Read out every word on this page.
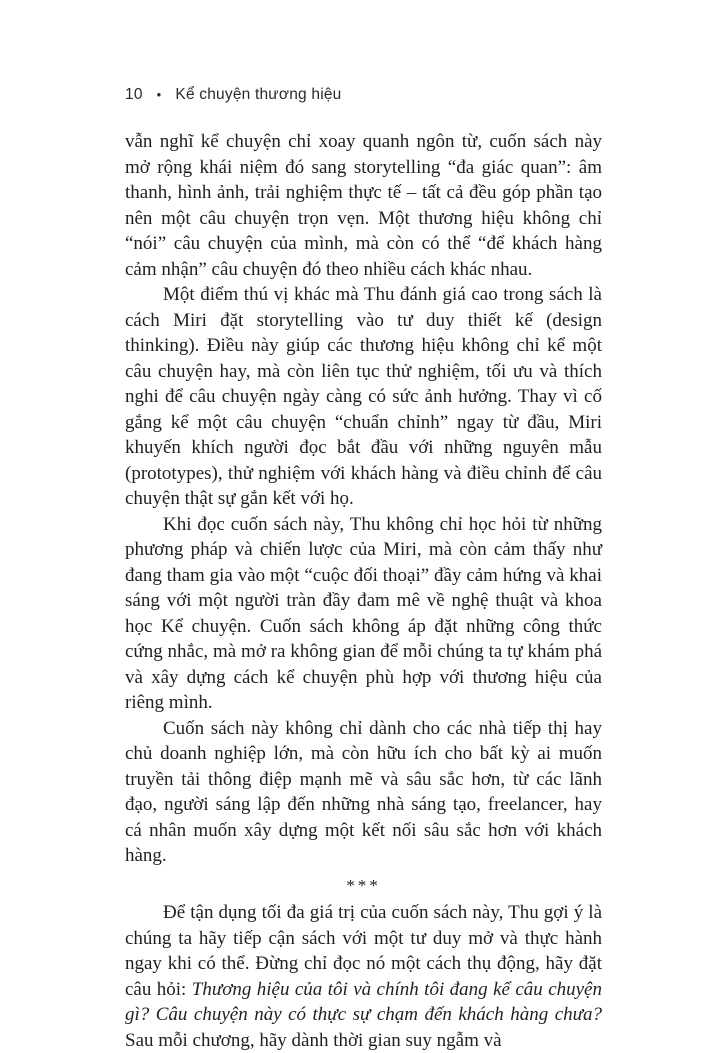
10 • Kể chuyện thương hiệu

vẫn nghĩ kể chuyện chỉ xoay quanh ngôn từ, cuốn sách này mở rộng khái niệm đó sang storytelling “đa giác quan”: âm thanh, hình ảnh, trải nghiệm thực tế – tất cả đều góp phần tạo nên một câu chuyện trọn vẹn. Một thương hiệu không chỉ “nói” câu chuyện của mình, mà còn có thể “để khách hàng cảm nhận” câu chuyện đó theo nhiều cách khác nhau.

Một điểm thú vị khác mà Thu đánh giá cao trong sách là cách Miri đặt storytelling vào tư duy thiết kế (design thinking). Điều này giúp các thương hiệu không chỉ kể một câu chuyện hay, mà còn liên tục thử nghiệm, tối ưu và thích nghi để câu chuyện ngày càng có sức ảnh hưởng. Thay vì cố gắng kể một câu chuyện “chuẩn chỉnh” ngay từ đầu, Miri khuyến khích người đọc bắt đầu với những nguyên mẫu (prototypes), thử nghiệm với khách hàng và điều chỉnh để câu chuyện thật sự gắn kết với họ.

Khi đọc cuốn sách này, Thu không chỉ học hỏi từ những phương pháp và chiến lược của Miri, mà còn cảm thấy như đang tham gia vào một “cuộc đối thoại” đầy cảm hứng và khai sáng với một người tràn đầy đam mê về nghệ thuật và khoa học Kể chuyện. Cuốn sách không áp đặt những công thức cứng nhắc, mà mở ra không gian để mỗi chúng ta tự khám phá và xây dựng cách kể chuyện phù hợp với thương hiệu của riêng mình.

Cuốn sách này không chỉ dành cho các nhà tiếp thị hay chủ doanh nghiệp lớn, mà còn hữu ích cho bất kỳ ai muốn truyền tải thông điệp mạnh mẽ và sâu sắc hơn, từ các lãnh đạo, người sáng lập đến những nhà sáng tạo, freelancer, hay cá nhân muốn xây dựng một kết nối sâu sắc hơn với khách hàng.

***

Để tận dụng tối đa giá trị của cuốn sách này, Thu gợi ý là chúng ta hãy tiếp cận sách với một tư duy mở và thực hành ngay khi có thể. Đừng chỉ đọc nó một cách thụ động, hãy đặt câu hỏi: Thương hiệu của tôi và chính tôi đang kể câu chuyện gì? Câu chuyện này có thực sự chạm đến khách hàng chưa? Sau mỗi chương, hãy dành thời gian suy ngẫm và
